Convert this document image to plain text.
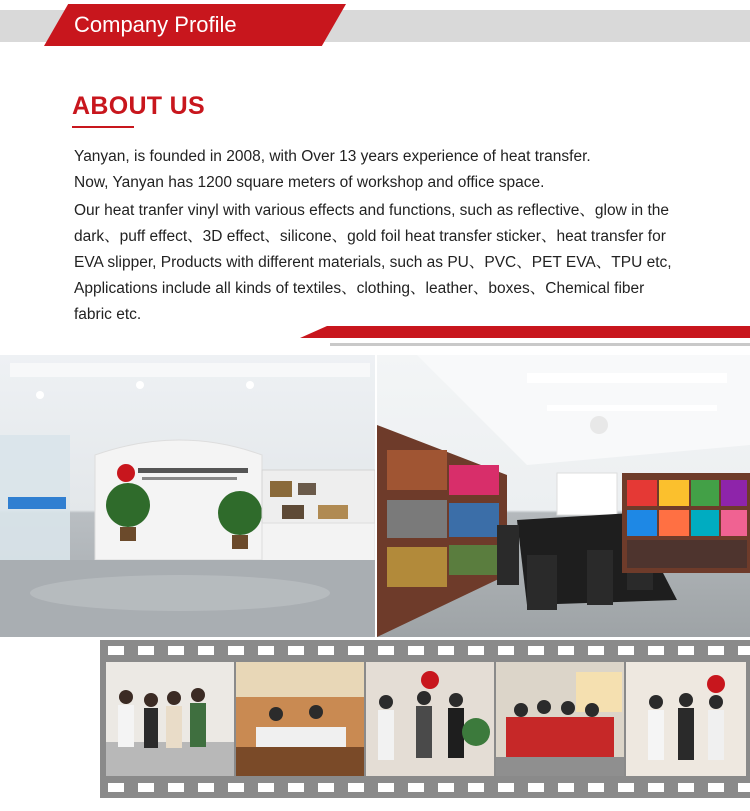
Company Profile
ABOUT US
Yanyan, is founded in 2008, with Over 13 years experience of heat transfer.
Now, Yanyan has 1200 square meters of workshop and office space.
Our heat tranfer vinyl with various effects and functions, such as reflective、glow in the dark、puff effect、3D effect、silicone、gold foil heat transfer sticker、heat transfer for EVA slipper, Products with different materials, such as PU、PVC、PET EVA、TPU etc, Applications include all kinds of textiles、clothing、leather、boxes、Chemical fiber fabric etc.
